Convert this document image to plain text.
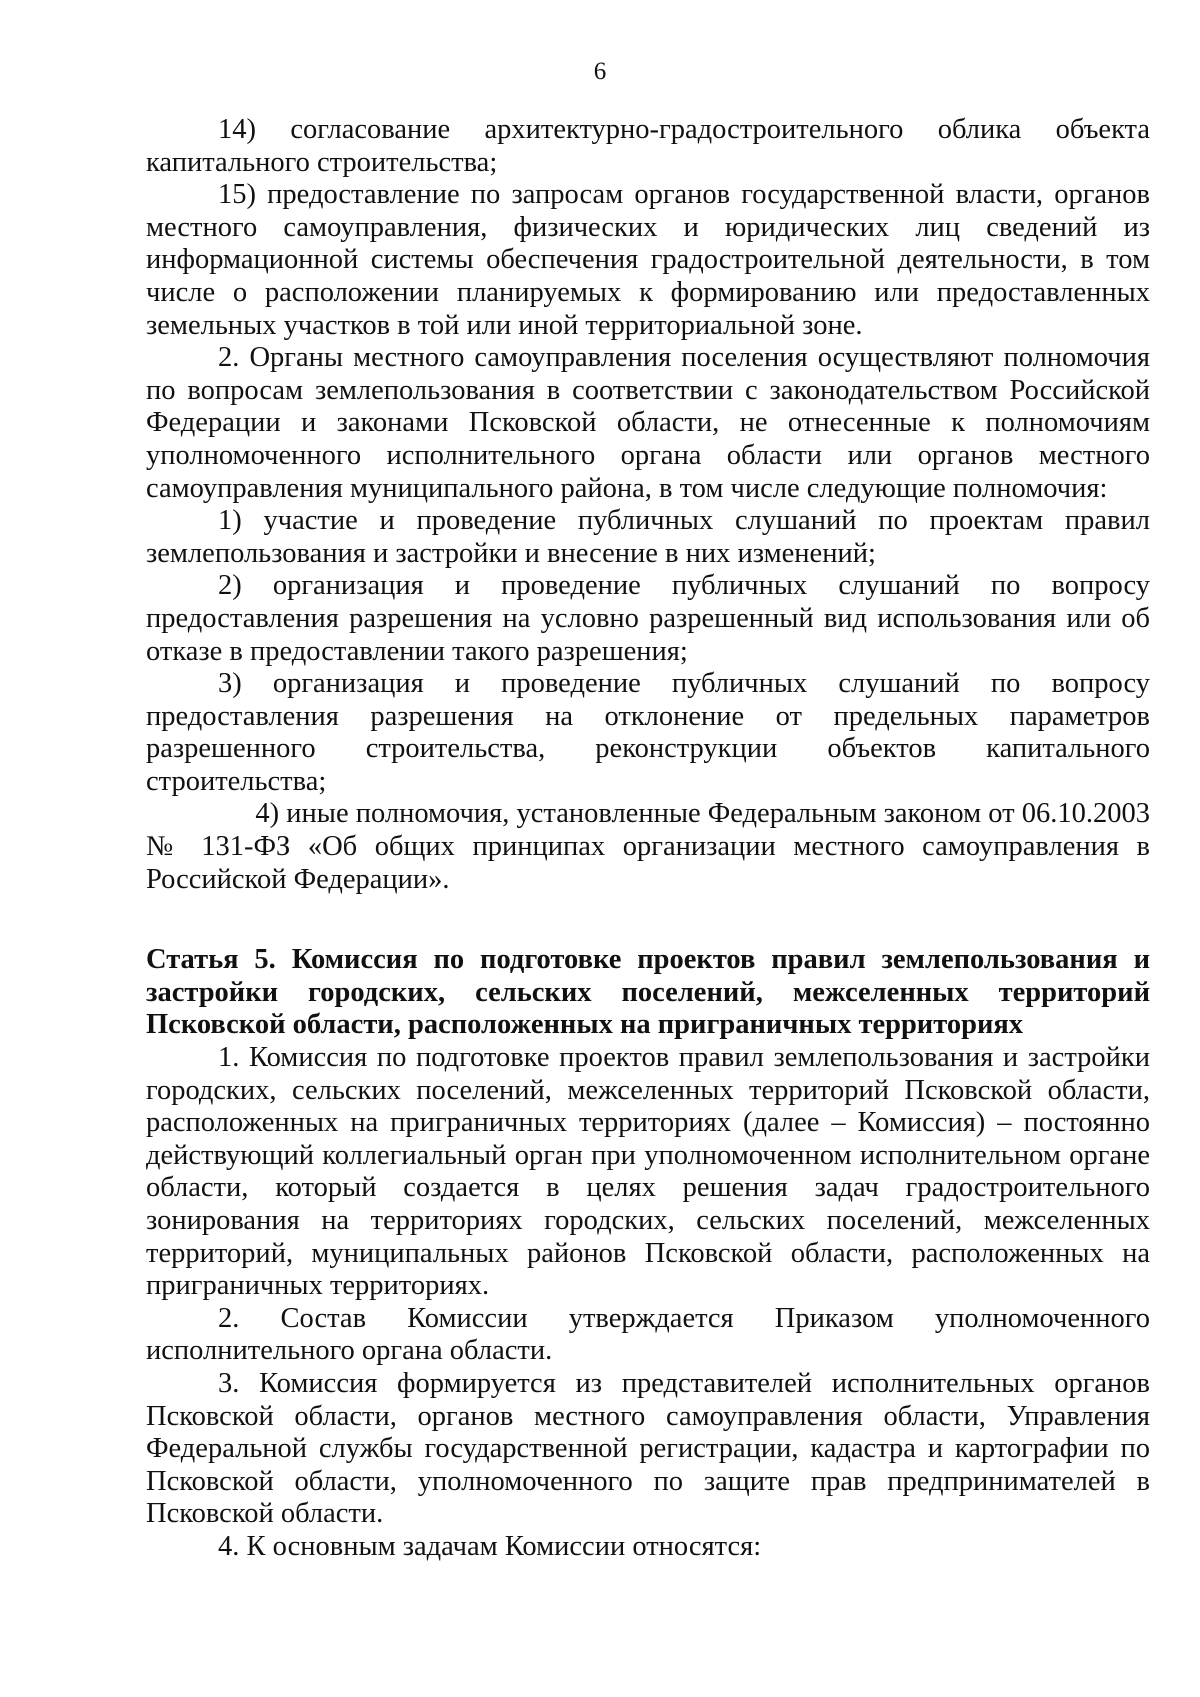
6

14) согласование архитектурно-градостроительного облика объекта капитального строительства;

15) предоставление по запросам органов государственной власти, органов местного самоуправления, физических и юридических лиц сведений из информационной системы обеспечения градостроительной деятельности, в том числе о расположении планируемых к формированию или предоставленных земельных участков в той или иной территориальной зоне.

2. Органы местного самоуправления поселения осуществляют полномочия по вопросам землепользования в соответствии с законодательством Российской Федерации и законами Псковской области, не отнесенные к полномочиям уполномоченного исполнительного органа области или органов местного самоуправления муниципального района, в том числе следующие полномочия:

1) участие и проведение публичных слушаний по проектам правил землепользования и застройки и внесение в них изменений;

2) организация и проведение публичных слушаний по вопросу предоставления разрешения на условно разрешенный вид использования или об отказе в предоставлении такого разрешения;

3) организация и проведение публичных слушаний по вопросу предоставления разрешения на отклонение от предельных параметров разрешенного строительства, реконструкции объектов капитального строительства;

4) иные полномочия, установленные Федеральным законом от 06.10.2003

№ 131-ФЗ «Об общих принципах организации местного самоуправления в Российской Федерации».

Статья 5. Комиссия по подготовке проектов правил землепользования и застройки городских, сельских поселений, межселенных территорий Псковской области, расположенных на приграничных территориях

1. Комиссия по подготовке проектов правил землепользования и застройки городских, сельских поселений, межселенных территорий Псковской области, расположенных на приграничных территориях (далее – Комиссия) – постоянно действующий коллегиальный орган при уполномоченном исполнительном органе области, который создается в целях решения задач градостроительного зонирования на территориях городских, сельских поселений, межселенных территорий, муниципальных районов Псковской области, расположенных на приграничных территориях.

2. Состав Комиссии утверждается Приказом уполномоченного исполнительного органа области.

3. Комиссия формируется из представителей исполнительных органов Псковской области, органов местного самоуправления области, Управления Федеральной службы государственной регистрации, кадастра и картографии по Псковской области, уполномоченного по защите прав предпринимателей в Псковской области.

4. К основным задачам Комиссии относятся:
